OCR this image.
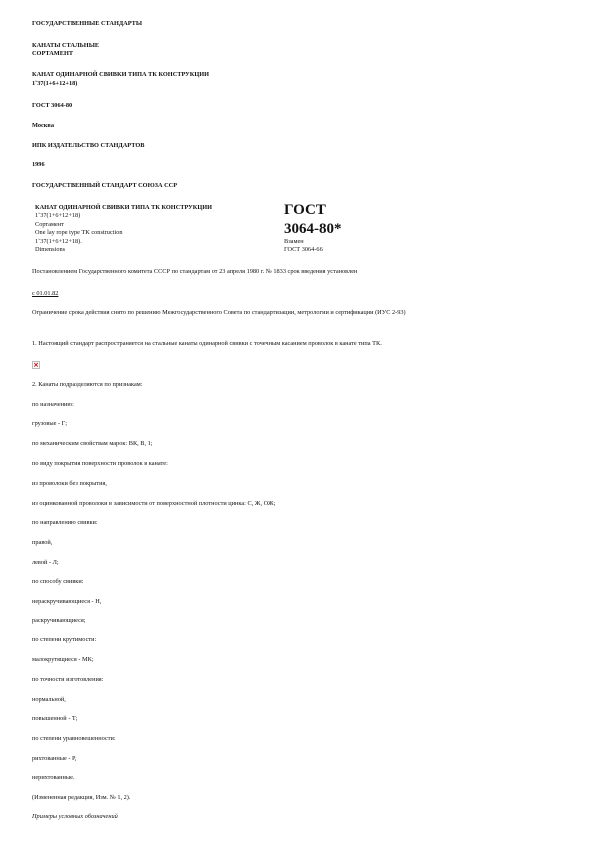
ГОСУДАРСТВЕННЫЕ СТАНДАРТЫ
КАНАТЫ СТАЛЬНЫЕ
СОРТАМЕНТ
КАНАТ ОДИНАРНОЙ СВИВКИ ТИПА ТК КОНСТРУКЦИИ
1˘37(1+6+12+18)
ГОСТ 3064-80
Москва
ИПК ИЗДАТЕЛЬСТВО СТАНДАРТОВ
1996
ГОСУДАРСТВЕННЫЙ СТАНДАРТ СОЮЗА ССР
КАНАТ ОДИНАРНОЙ СВИВКИ ТИПА ТК КОНСТРУКЦИИ
1˘37(1+6+12+18)
Сортамент
One lay rope type TK construction
1˘37(1+6+12+18).
Dimensions
ГОСТ
3064-80*
Взамен
ГОСТ 3064-66
Постановлением Государственного комитета СССР по стандартам от 23 апреля 1980 г. № 1833 срок введения установлен
с 01.01.82
Ограничение срока действия снято по решению Межгосударственного Совета по стандартизации, метрологии и сертификации (ИУС 2-93)
1. Настоящий стандарт распространяется на стальные канаты одинарной свивки с точечным касанием проволок в канате типа ТК.
×
2. Канаты подразделяются по признакам:
по назначению:
грузовые - Г;
по механическим свойствам марок: ВК, В, 1;
по виду покрытия поверхности проволок в канате:
из проволоки без покрытия,
из оцинкованной проволоки в зависимости от поверхностной плотности цинка: С, Ж, ОЖ;
по направлению свивки:
правой,
левой - Л;
по способу свивки:
нераскручивающиеся - Н,
раскручивающиеся;
по степени крутимости:
малокрутящиеся - МК;
по точности изготовления:
нормальной,
повышенной - Т;
по степени уравновешенности:
рихтованные - Р,
нерихтованные.
(Измененная редакция, Изм. № 1, 2).
Примеры условных обозначений
